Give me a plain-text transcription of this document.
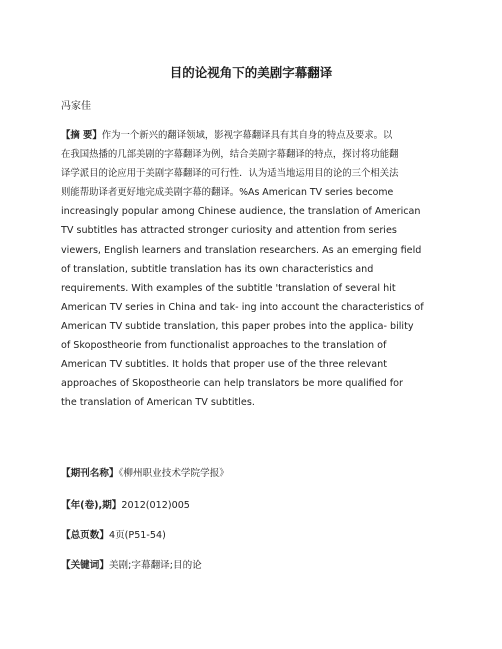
目的论视角下的美剧字幕翻译
冯家佳

【摘 要】作为一个新兴的翻译领域，影视字幕翻译具有其自身的特点及要求。以

在我国热播的几部美剧的字幕翻译为例，结合美剧字幕翻译的特点，探讨将功能翻

译学派目的论应用于美剧字幕翻译的可行性．认为适当地运用目的论的三个相关法

则能帮助译者更好地完成美剧字幕的翻译。%As American TV series become

increasingly popular among Chinese audience, the translation of American

TV subtitles has attracted stronger curiosity and attention from series

viewers, English learners and translation researchers. As an emerging field

of translation, subtitle translation has its own characteristics and

requirements. With examples of the subtitle 'translation of several hit

American TV series in China and tak- ing into account the characteristics of

American TV subtide translation, this paper probes into the applica- bility

of Skopostheorie from functionalist approaches to the translation of

American TV subtitles. It holds that proper use of the three relevant

approaches of Skopostheorie can help translators be more qualified for

the translation of American TV subtitles.

【期刊名称】《柳州职业技术学院学报》
【年(卷),期】2012(012)005
【总页数】4页(P51-54)
【关键词】美剧;字幕翻译;目的论
